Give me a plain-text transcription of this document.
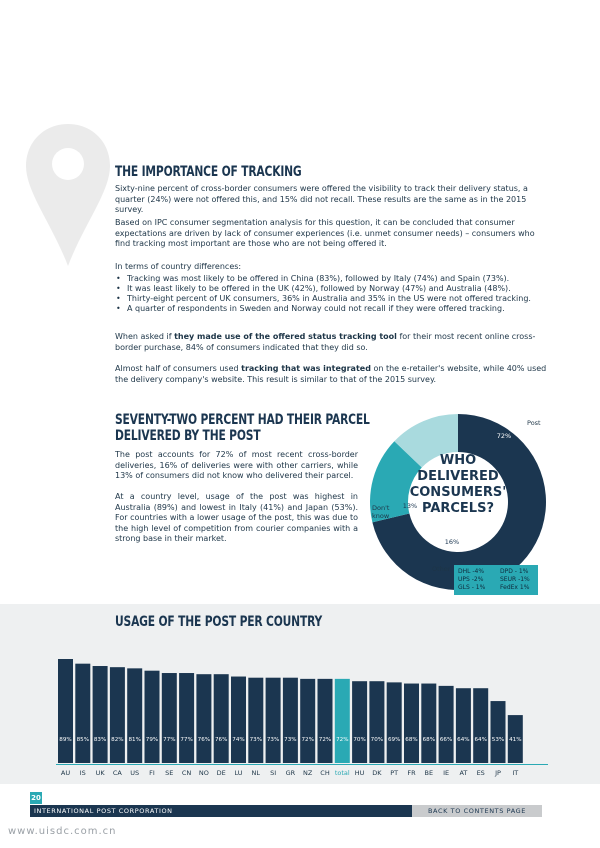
THE IMPORTANCE OF TRACKING

Sixty-nine percent of cross-border consumers were offered the visibility to track their delivery status, a quarter (24%) were not offered this, and 15% did not recall. These results are the same as in the 2015 survey.

Based on IPC consumer segmentation analysis for this question, it can be concluded that consumer expectations are driven by lack of consumer experiences (i.e. unmet consumer needs) – consumers who find tracking most important are those who are not being offered it.

In terms of country differences:

• Tracking was most likely to be offered in China (83%), followed by Italy (74%) and Spain (73%).
• It was least likely to be offered in the UK (42%), followed by Norway (47%) and Australia (48%).
• Thirty-eight percent of UK consumers, 36% in Australia and 35% in the US were not offered tracking.
• A quarter of respondents in Sweden and Norway could not recall if they were offered tracking.

When asked if they made use of the offered status tracking tool for their most recent online cross-border purchase, 84% of consumers indicated that they did so.

Almost half of consumers used tracking that was integrated on the e-retailer's website, while 40% used the delivery company's website. This result is similar to that of the 2015 survey.

SEVENTY-TWO PERCENT HAD THEIR PARCEL
DELIVERED BY THE POST

The post accounts for 72% of most recent cross-border deliveries, 16% of deliveries were with other carriers, while 13% of consumers did not know who delivered their parcel.

At a country level, usage of the post was highest in Australia (89%) and lowest in Italy (41%) and Japan (53%). For countries with a lower usage of the post, this was due to the high level of competition from courier companies with a strong base in their market.

WHO
DELIVERED
CONSUMERS'
PARCELS?
72%
13%
16%
Post
Don't
know
Other DHL -4%
UPS -2%
GLS - 1%
DPD - 1%
SEUR -1%
FedEx 1%
USAGE OF THE POST PER COUNTRY
89%
AU
85%
IS
83%
UK
82%
CA
81%
US
79%
FI
77%
SE
77%
CN
76%
NO
76%
DE
74%
LU
73%
NL
73%
SI
73%
GR
72%
NZ
72%
CH
72%
total
70%
HU
70%
DK
69%
PT
68%
FR
68%
BE
66%
IE
64%
AT
64%
ES
53%
JP
41%
IT
20
INTERNATIONAL POST CORPORATION	BACK TO CONTENTS PAGE
www.uisdc.com.cn
